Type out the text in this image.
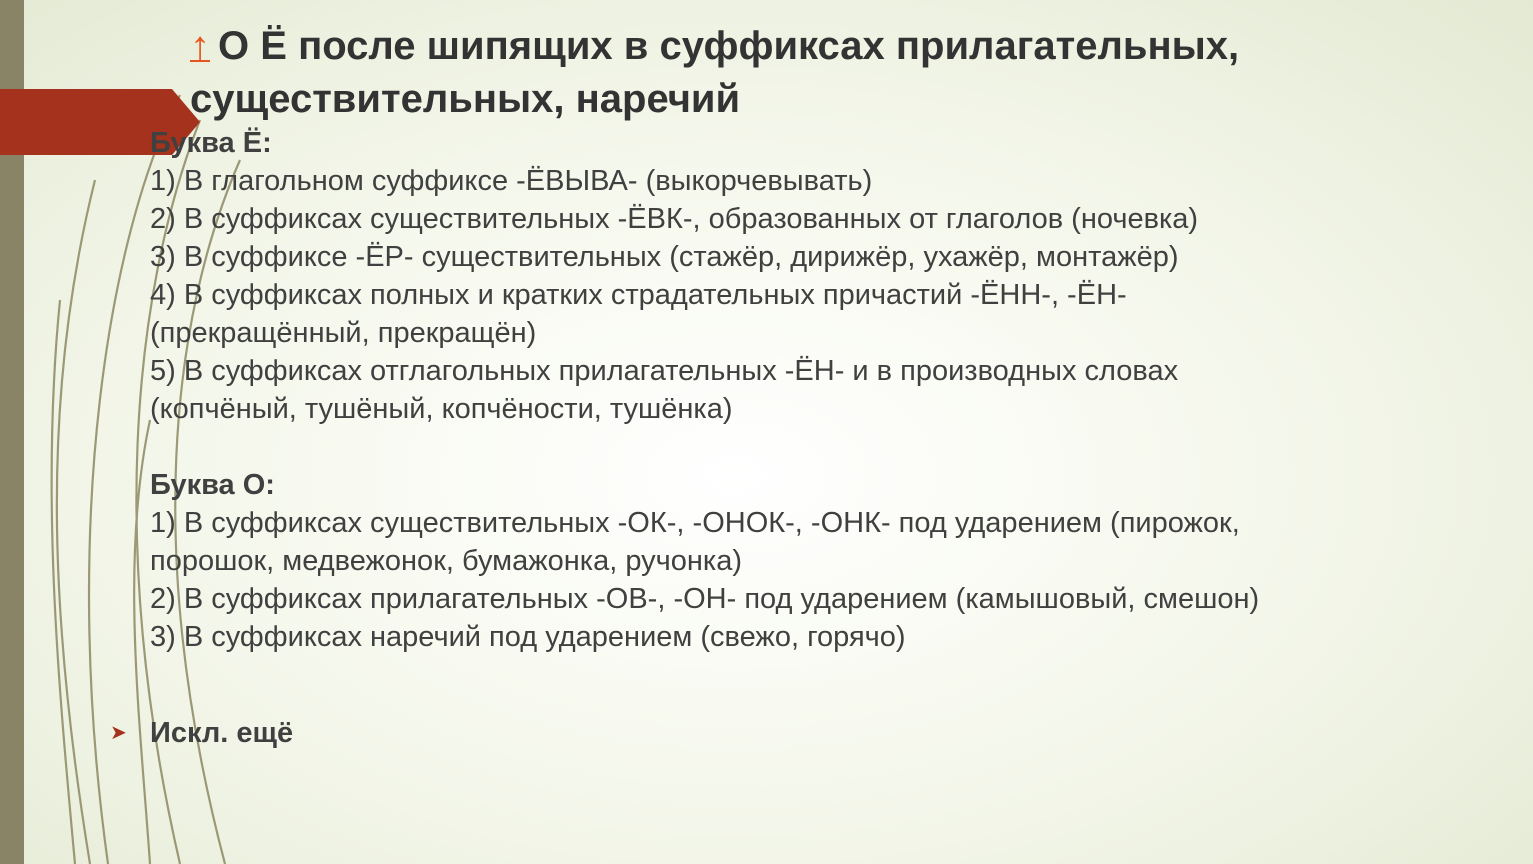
↑ О Ё после шипящих в суффиксах прилагательных, существительных, наречий
Буква Ё:
1) В глагольном суффиксе -ЁВЫВА- (выкорчевывать)
2) В суффиксах существительных -ЁВК-, образованных от глаголов (ночевка)
3) В суффиксе -ЁР- существительных (стажёр, дирижёр, ухажёр, монтажёр)
4) В суффиксах полных и кратких страдательных причастий -ЁНН-, -ЁН-
(прекращённый, прекращён)
5) В суффиксах отглагольных прилагательных -ЁН- и в производных словах
(копчёный, тушёный, копчёности, тушёнка)
Буква О:
1) В суффиксах существительных -ОК-, -ОНОК-, -ОНК- под ударением (пирожок,
порошок, медвежонок, бумажонка, ручонка)
2) В суффиксах прилагательных -ОВ-, -ОН- под ударением (камышовый, смешон)
3) В суффиксах наречий под ударением (свежо, горячо)
➤ Искл. ещё
